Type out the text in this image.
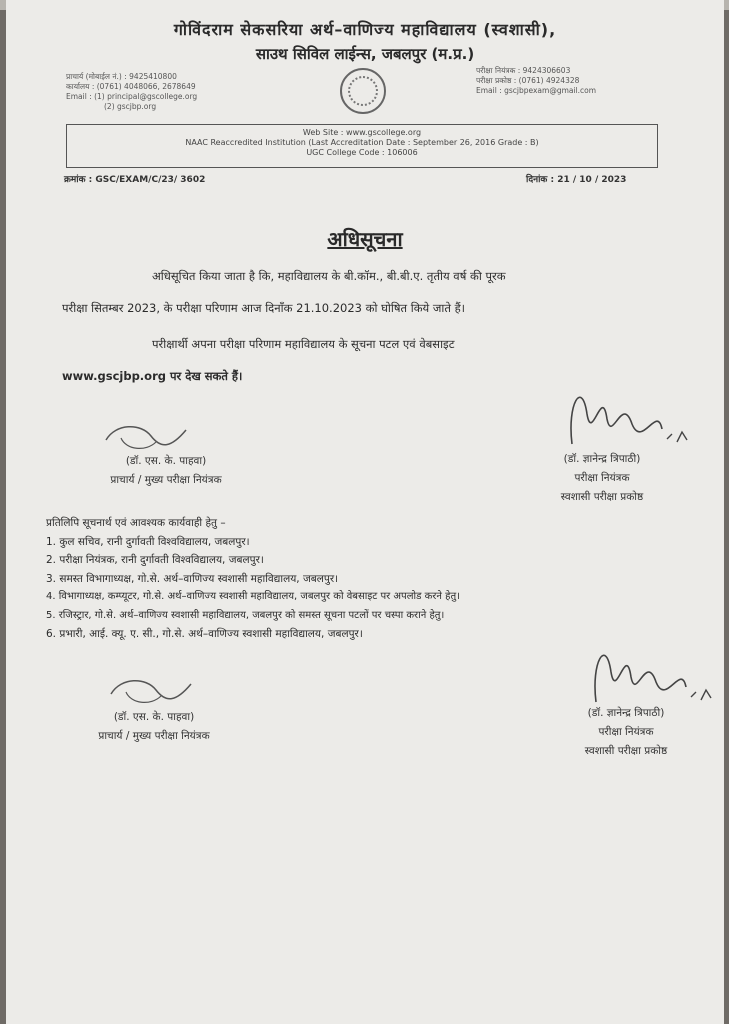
गोविंदराम सेकसरिया अर्थ–वाणिज्य महाविद्यालय (स्वशासी),
साउथ सिविल लाईन्स, जबलपुर (म.प्र.)
प्राचार्य (मोबाईल नं.) : 9425410800
कार्यालय : (0761) 4048066, 2678649
Email : (1) principal@gscollege.org
(2) gscjbp.org
परीक्षा नियंत्रक : 9424306603
परीक्षा प्रकोष्ठ : (0761) 4924328
Email : gscjbpexam@gmail.com
Web Site : www.gscollege.org
NAAC Reaccredited Institution (Last Accreditation Date : September 26, 2016 Grade : B)
UGC College Code : 106006
क्रमांक : GSC/EXAM/C/23/ 3602	दिनांक : 21 / 10 / 2023
अधिसूचना
अधिसूचित किया जाता है कि, महाविद्यालय के बी.कॉम., बी.बी.ए. तृतीय वर्ष की पूरक
परीक्षा सितम्बर 2023, के परीक्षा परिणाम आज दिनाँक 21.10.2023 को घोषित किये जाते हैं।
परीक्षार्थी अपना परीक्षा परिणाम महाविद्यालय के सूचना पटल एवं वेबसाइट
www.gscjbp.org पर देख सकते हैं।
(डॉ. एस. के. पाहवा)
प्राचार्य / मुख्य परीक्षा नियंत्रक
(डॉ. ज्ञानेन्द्र त्रिपाठी)
परीक्षा नियंत्रक
स्वशासी परीक्षा प्रकोष्ठ
प्रतिलिपि सूचनार्थ एवं आवश्यक कार्यवाही हेतु –
1. कुल सचिव, रानी दुर्गावती विश्वविद्यालय, जबलपुर।
2. परीक्षा नियंत्रक, रानी दुर्गावती विश्वविद्यालय, जबलपुर।
3. समस्त विभागाध्यक्ष, गो.से. अर्थ–वाणिज्य स्वशासी महाविद्यालय, जबलपुर।
4. विभागाध्यक्ष, कम्प्यूटर, गो.से. अर्थ–वाणिज्य स्वशासी महाविद्यालय, जबलपुर को वेबसाइट पर अपलोड करने हेतु।
5. रजिस्ट्रार, गो.से. अर्थ–वाणिज्य स्वशासी महाविद्यालय, जबलपुर को समस्त सूचना पटलों पर चस्पा कराने हेतु।
6. प्रभारी, आई. क्यू. ए. सी., गो.से. अर्थ–वाणिज्य स्वशासी महाविद्यालय, जबलपुर।
(डॉ. एस. के. पाहवा)
प्राचार्य / मुख्य परीक्षा नियंत्रक
(डॉ. ज्ञानेन्द्र त्रिपाठी)
परीक्षा नियंत्रक
स्वशासी परीक्षा प्रकोष्ठ
